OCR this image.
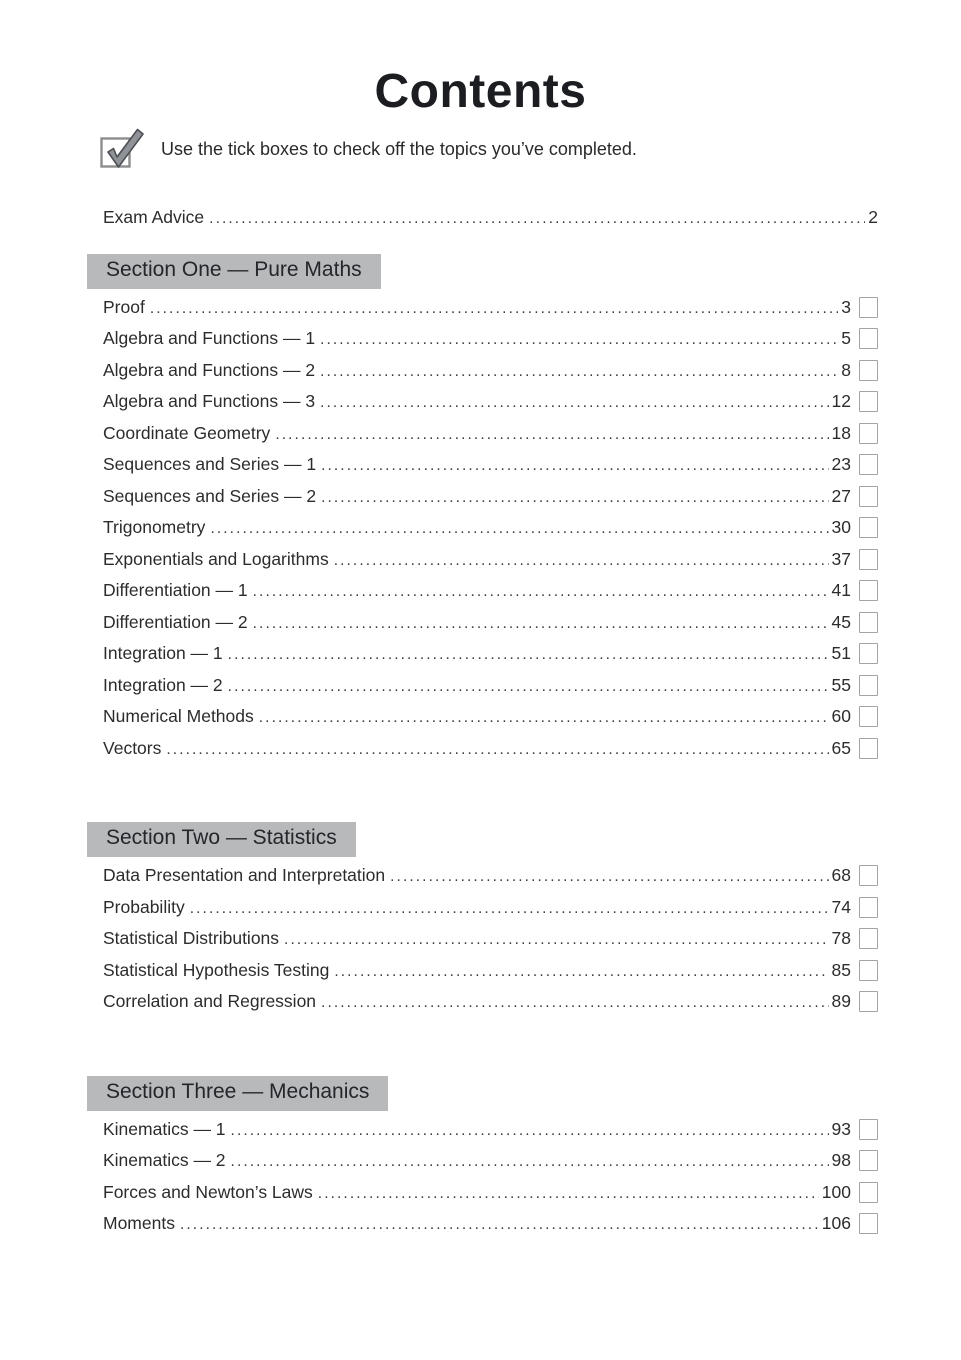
Contents
Use the tick boxes to check off the topics you’ve completed.
Exam Advice .....	2
Section One — Pure Maths
Proof .....	3
Algebra and Functions — 1 .....	5
Algebra and Functions — 2 .....	8
Algebra and Functions — 3 .....	12
Coordinate Geometry .....	18
Sequences and Series — 1 .....	23
Sequences and Series — 2 .....	27
Trigonometry .....	30
Exponentials and Logarithms .....	37
Differentiation — 1 .....	41
Differentiation — 2 .....	45
Integration — 1 .....	51
Integration — 2 .....	55
Numerical Methods .....	60
Vectors .....	65
Section Two — Statistics
Data Presentation and Interpretation .....	68
Probability .....	74
Statistical Distributions .....	78
Statistical Hypothesis Testing .....	85
Correlation and Regression .....	89
Section Three — Mechanics
Kinematics — 1 .....	93
Kinematics — 2 .....	98
Forces and Newton’s Laws .....	100
Moments .....	106
